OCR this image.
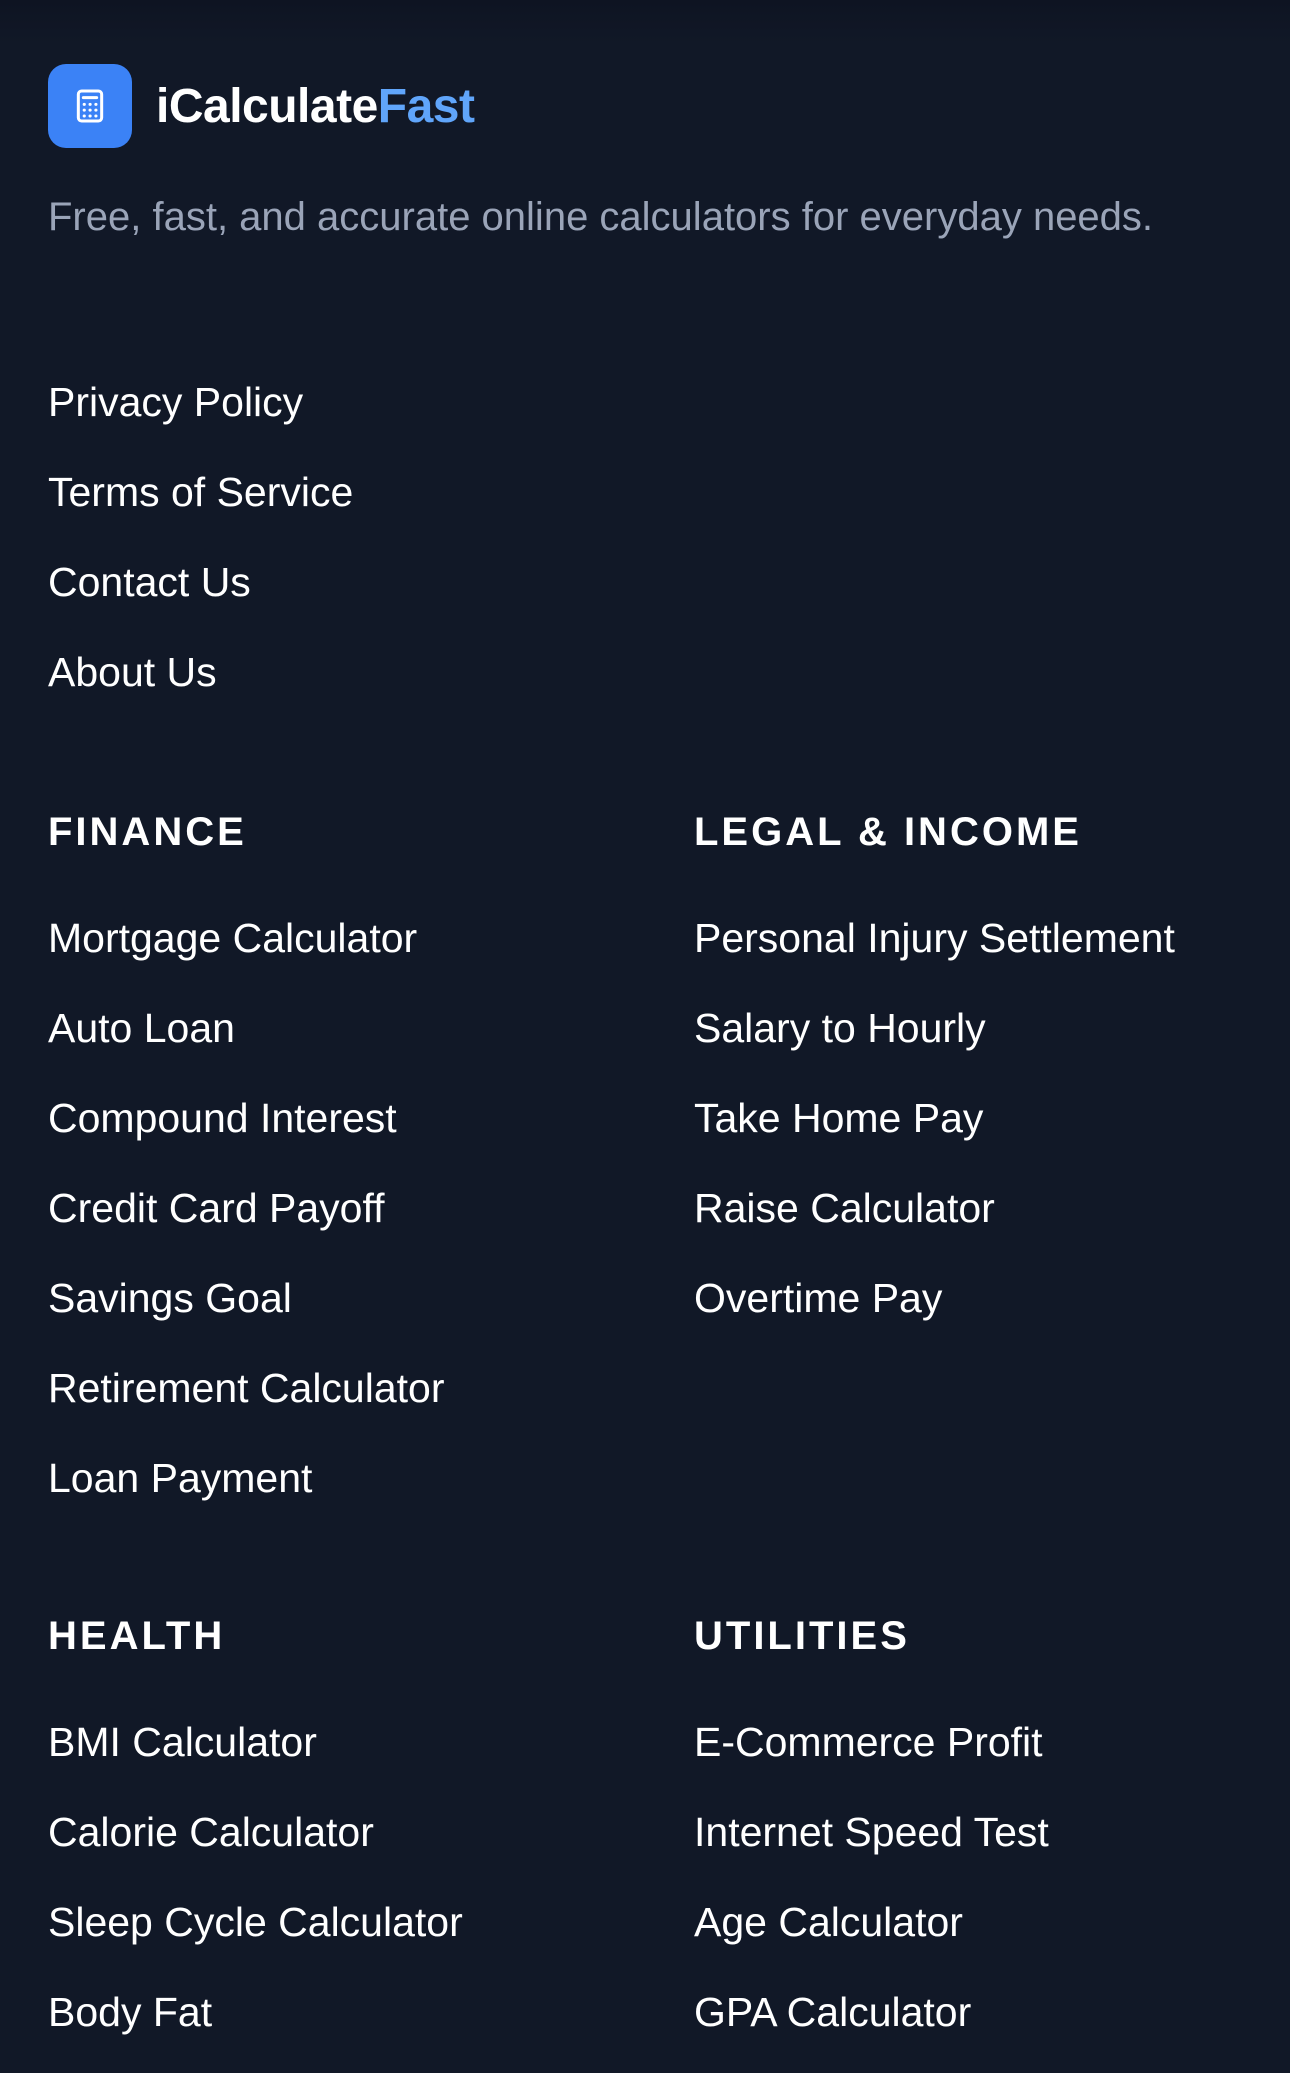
iCalculateFast
Free, fast, and accurate online calculators for everyday needs.
Privacy Policy
Terms of Service
Contact Us
About Us
FINANCE
Mortgage Calculator
Auto Loan
Compound Interest
Credit Card Payoff
Savings Goal
Retirement Calculator
Loan Payment
LEGAL & INCOME
Personal Injury Settlement
Salary to Hourly
Take Home Pay
Raise Calculator
Overtime Pay
HEALTH
BMI Calculator
Calorie Calculator
Sleep Cycle Calculator
Body Fat
UTILITIES
E-Commerce Profit
Internet Speed Test
Age Calculator
GPA Calculator
